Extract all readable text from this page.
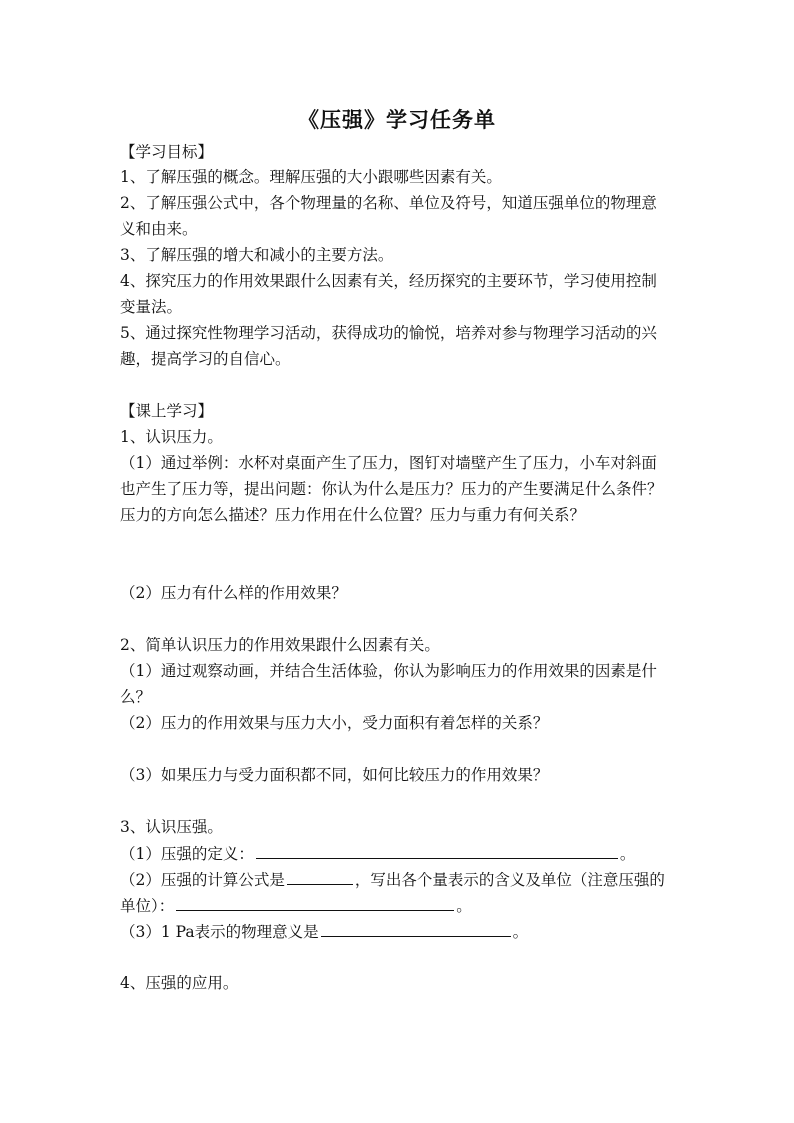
《压强》学习任务单
【学习目标】
1、了解压强的概念。理解压强的大小跟哪些因素有关。
2、了解压强公式中，各个物理量的名称、单位及符号，知道压强单位的物理意
义和由来。
3、了解压强的增大和减小的主要方法。
4、探究压力的作用效果跟什么因素有关，经历探究的主要环节，学习使用控制
变量法。
5、通过探究性物理学习活动，获得成功的愉悦，培养对参与物理学习活动的兴
趣，提高学习的自信心。
【课上学习】
1、认识压力。
（1）通过举例：水杯对桌面产生了压力，图钉对墙壁产生了压力，小车对斜面
也产生了压力等，提出问题：你认为什么是压力？压力的产生要满足什么条件？
压力的方向怎么描述？压力作用在什么位置？压力与重力有何关系？
（2）压力有什么样的作用效果？
2、简单认识压力的作用效果跟什么因素有关。
（1）通过观察动画，并结合生活体验，你认为影响压力的作用效果的因素是什
么？
（2）压力的作用效果与压力大小，受力面积有着怎样的关系？
（3）如果压力与受力面积都不同，如何比较压力的作用效果？
3、认识压强。
（1）压强的定义：	。
（2）压强的计算公式是	，写出各个量表示的含义及单位（注意压强的
单位）：	。
（3）1 Pa表示的物理意义是	。
4、压强的应用。
